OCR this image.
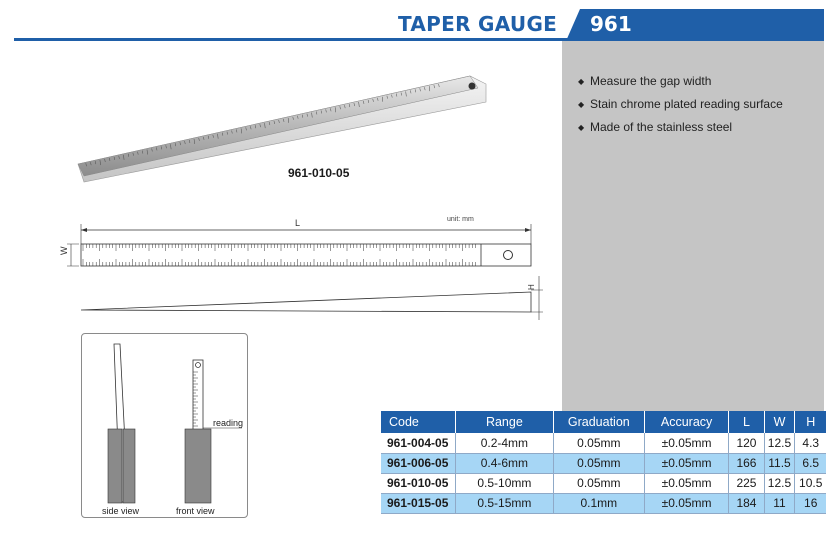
TAPER GAUGE 961
◆ Measure the gap width
◆ Stain chrome plated reading surface
◆ Made of the stainless steel
961-010-05
L
W
H
unit: mm
side view	front view
reading	Code	Range	Graduation	Accuracy	L	W	H
961-004-05	0.2-4mm	0.05mm	±0.05mm	120	12.5	4.3
961-006-05	0.4-6mm	0.05mm	±0.05mm	166	11.5	6.5
961-010-05	0.5-10mm	0.05mm	±0.05mm	225	12.5	10.5
961-015-05	0.5-15mm	0.1mm	±0.05mm	184	11	16
